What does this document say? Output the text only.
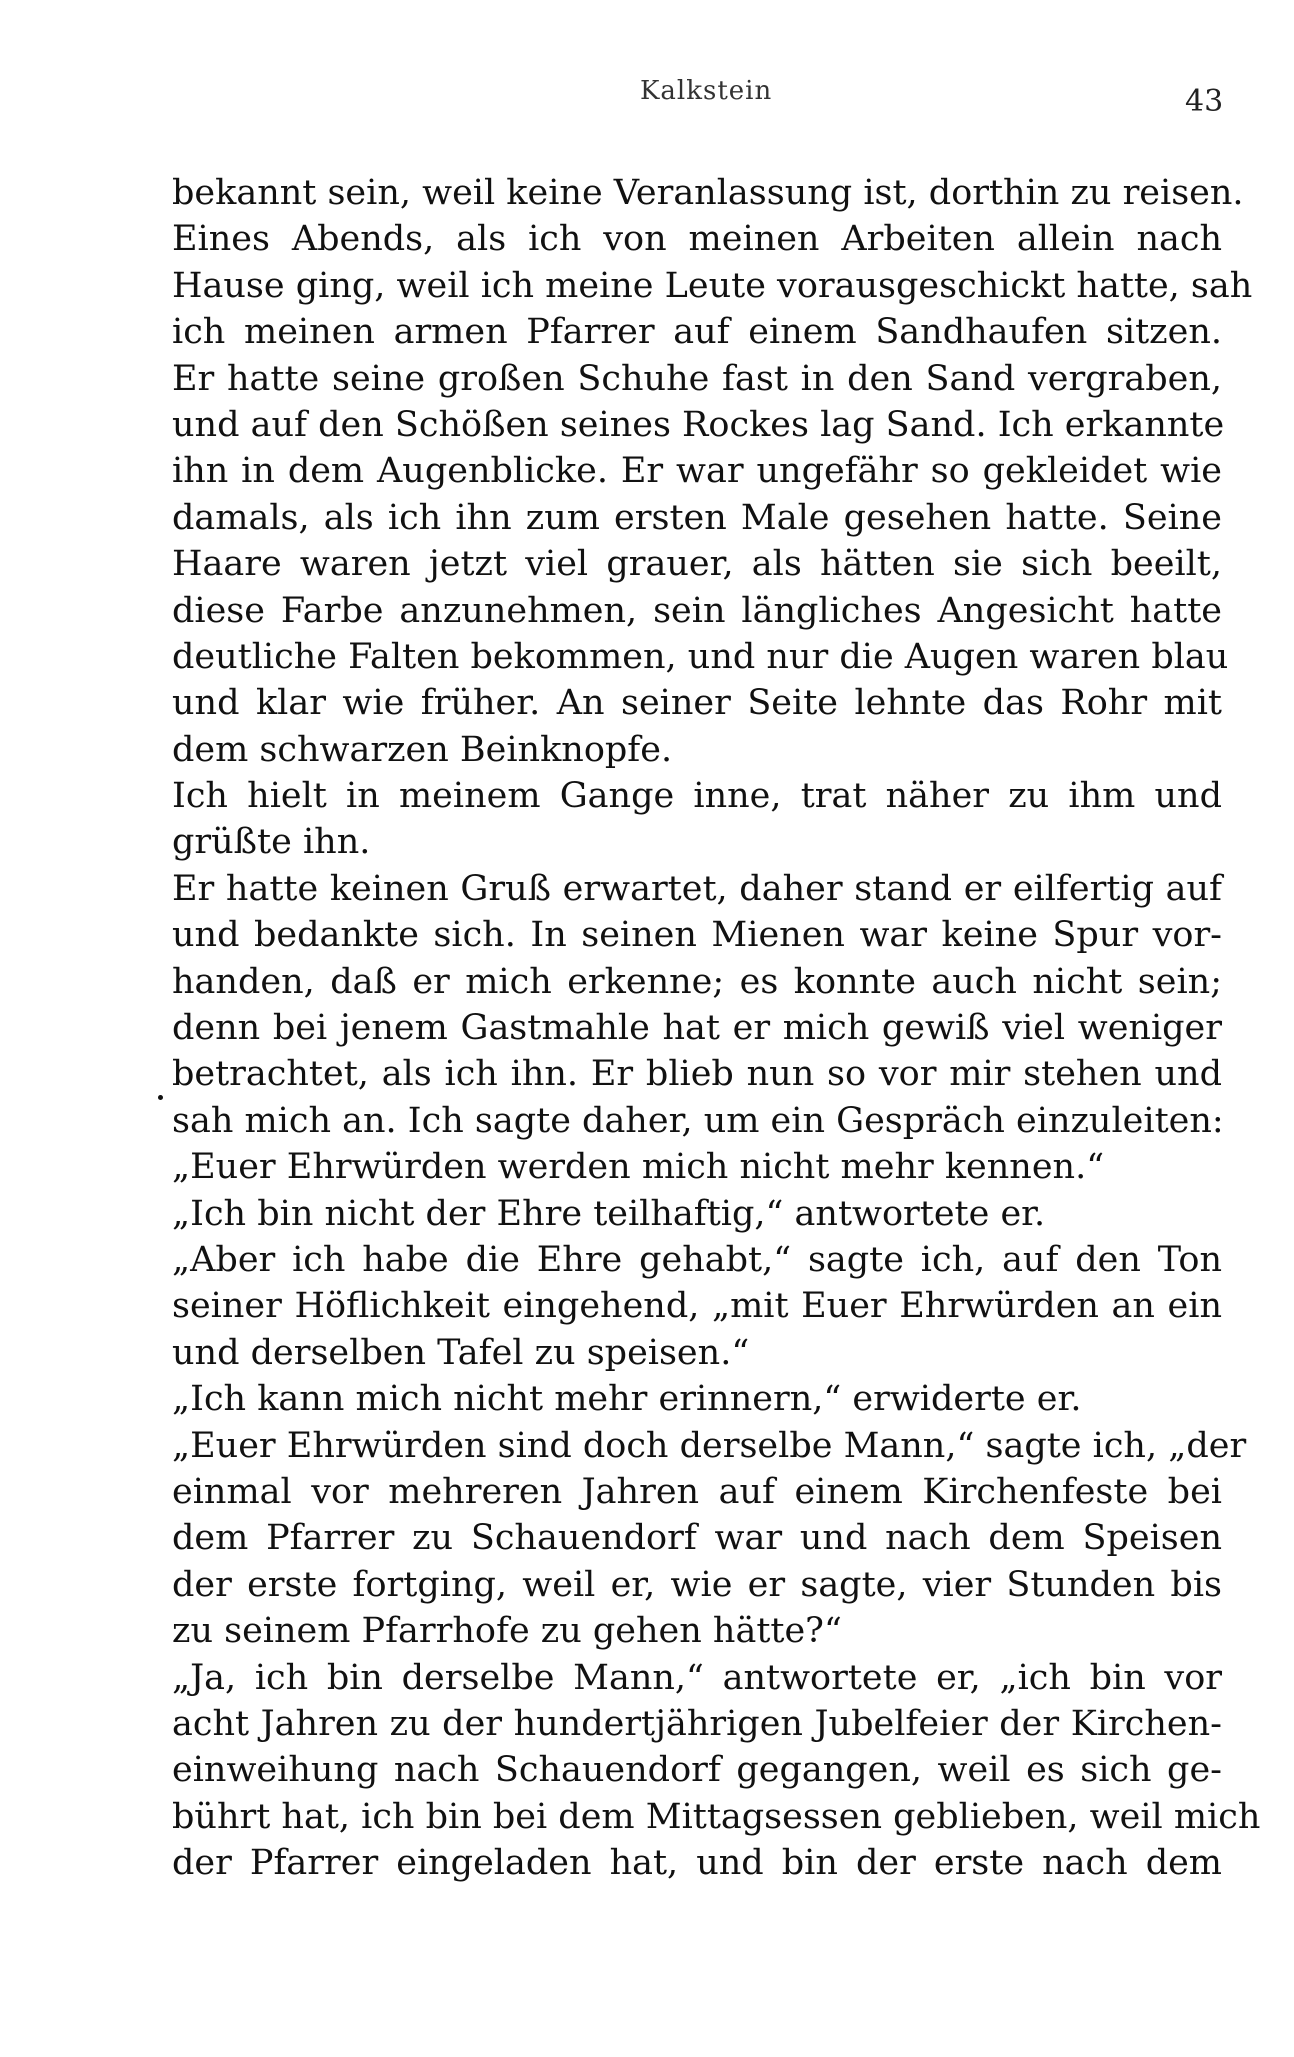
Kalkstein	43
bekannt sein, weil keine Veranlassung ist, dorthin zu reisen.
Eines Abends, als ich von meinen Arbeiten allein nach
Hause ging, weil ich meine Leute vorausgeschickt hatte, sah
ich meinen armen Pfarrer auf einem Sandhaufen sitzen.
Er hatte seine großen Schuhe fast in den Sand vergraben,
und auf den Schößen seines Rockes lag Sand. Ich erkannte
ihn in dem Augenblicke. Er war ungefähr so gekleidet wie
damals, als ich ihn zum ersten Male gesehen hatte. Seine
Haare waren jetzt viel grauer, als hätten sie sich beeilt,
diese Farbe anzunehmen, sein längliches Angesicht hatte
deutliche Falten bekommen, und nur die Augen waren blau
und klar wie früher. An seiner Seite lehnte das Rohr mit
dem schwarzen Beinknopfe.
Ich hielt in meinem Gange inne, trat näher zu ihm und
grüßte ihn.
Er hatte keinen Gruß erwartet, daher stand er eilfertig auf
und bedankte sich. In seinen Mienen war keine Spur vor-
handen, daß er mich erkenne; es konnte auch nicht sein;
denn bei jenem Gastmahle hat er mich gewiß viel weniger
betrachtet, als ich ihn. Er blieb nun so vor mir stehen und
sah mich an. Ich sagte daher, um ein Gespräch einzuleiten:
„Euer Ehrwürden werden mich nicht mehr kennen.“
„Ich bin nicht der Ehre teilhaftig,“ antwortete er.
„Aber ich habe die Ehre gehabt,“ sagte ich, auf den Ton
seiner Höflichkeit eingehend, „mit Euer Ehrwürden an ein
und derselben Tafel zu speisen.“
„Ich kann mich nicht mehr erinnern,“ erwiderte er.
„Euer Ehrwürden sind doch derselbe Mann,“ sagte ich, „der
einmal vor mehreren Jahren auf einem Kirchenfeste bei
dem Pfarrer zu Schauendorf war und nach dem Speisen
der erste fortging, weil er, wie er sagte, vier Stunden bis
zu seinem Pfarrhofe zu gehen hätte?“
„Ja, ich bin derselbe Mann,“ antwortete er, „ich bin vor
acht Jahren zu der hundertjährigen Jubelfeier der Kirchen-
einweihung nach Schauendorf gegangen, weil es sich ge-
bührt hat, ich bin bei dem Mittagsessen geblieben, weil mich
der Pfarrer eingeladen hat, und bin der erste nach dem
